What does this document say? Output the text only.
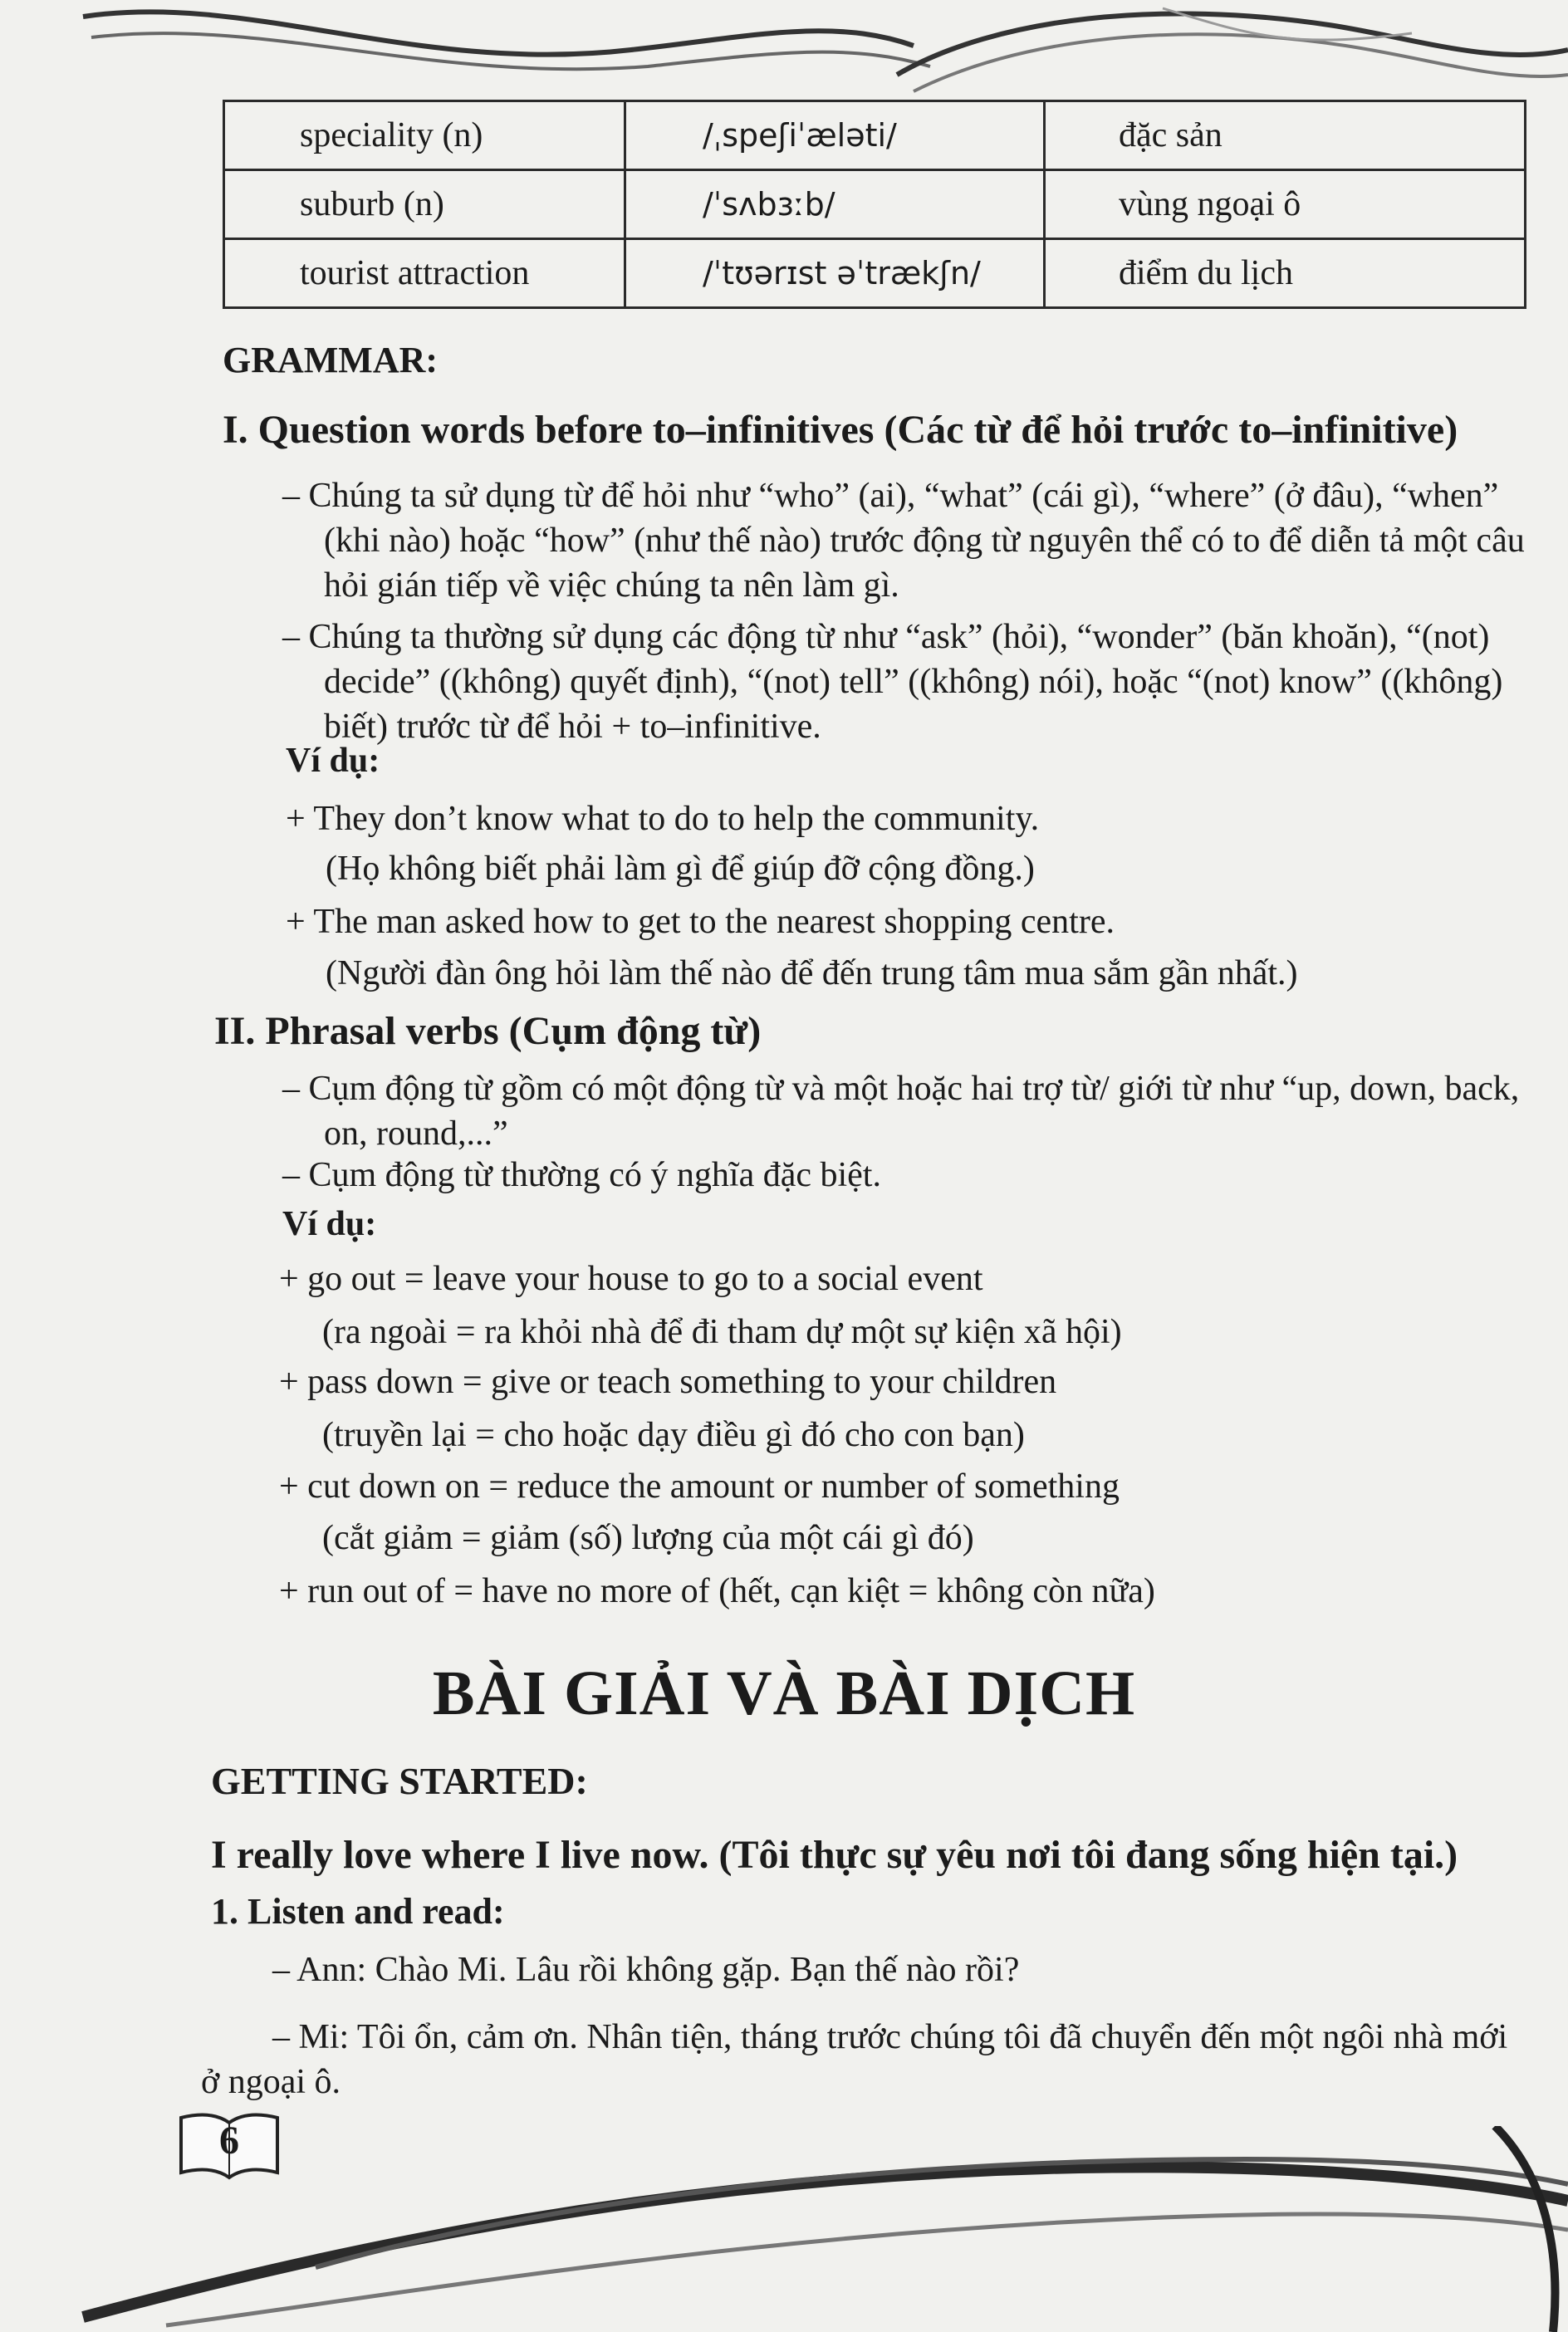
speciality (n)	/ˌspeʃiˈæləti/	đặc sản
suburb (n)	/ˈsʌbɜːb/	vùng ngoại ô
tourist attraction	/ˈtʊərɪst əˈtrækʃn/	điểm du lịch
GRAMMAR:
I. Question words before to–infinitives (Các từ để hỏi trước to–infinitive)
– Chúng ta sử dụng từ để hỏi như “who” (ai), “what” (cái gì), “where” (ở đâu), “when” (khi nào) hoặc “how” (như thế nào) trước động từ nguyên thể có to để diễn tả một câu hỏi gián tiếp về việc chúng ta nên làm gì.
– Chúng ta thường sử dụng các động từ như “ask” (hỏi), “wonder” (băn khoăn), “(not) decide” ((không) quyết định), “(not) tell” ((không) nói), hoặc “(not) know” ((không) biết) trước từ để hỏi + to–infinitive.
Ví dụ:
+ They don’t know what to do to help the community.
(Họ không biết phải làm gì để giúp đỡ cộng đồng.)
+ The man asked how to get to the nearest shopping centre.
(Người đàn ông hỏi làm thế nào để đến trung tâm mua sắm gần nhất.)
II. Phrasal verbs (Cụm động từ)
– Cụm động từ gồm có một động từ và một hoặc hai trợ từ/ giới từ như “up, down, back, on, round,...”
– Cụm động từ thường có ý nghĩa đặc biệt.
Ví dụ:
+ go out = leave your house to go to a social event
(ra ngoài = ra khỏi nhà để đi tham dự một sự kiện xã hội)
+ pass down = give or teach something to your children
(truyền lại = cho hoặc dạy điều gì đó cho con bạn)
+ cut down on = reduce the amount or number of something
(cắt giảm = giảm (số) lượng của một cái gì đó)
+ run out of = have no more of (hết, cạn kiệt = không còn nữa)
BÀI GIẢI VÀ BÀI DỊCH
GETTING STARTED:
I really love where I live now. (Tôi thực sự yêu nơi tôi đang sống hiện tại.)
1. Listen and read:
– Ann: Chào Mi. Lâu rồi không gặp. Bạn thế nào rồi?
– Mi: Tôi ổn, cảm ơn. Nhân tiện, tháng trước chúng tôi đã chuyển đến một ngôi nhà mới ở ngoại ô.
6
